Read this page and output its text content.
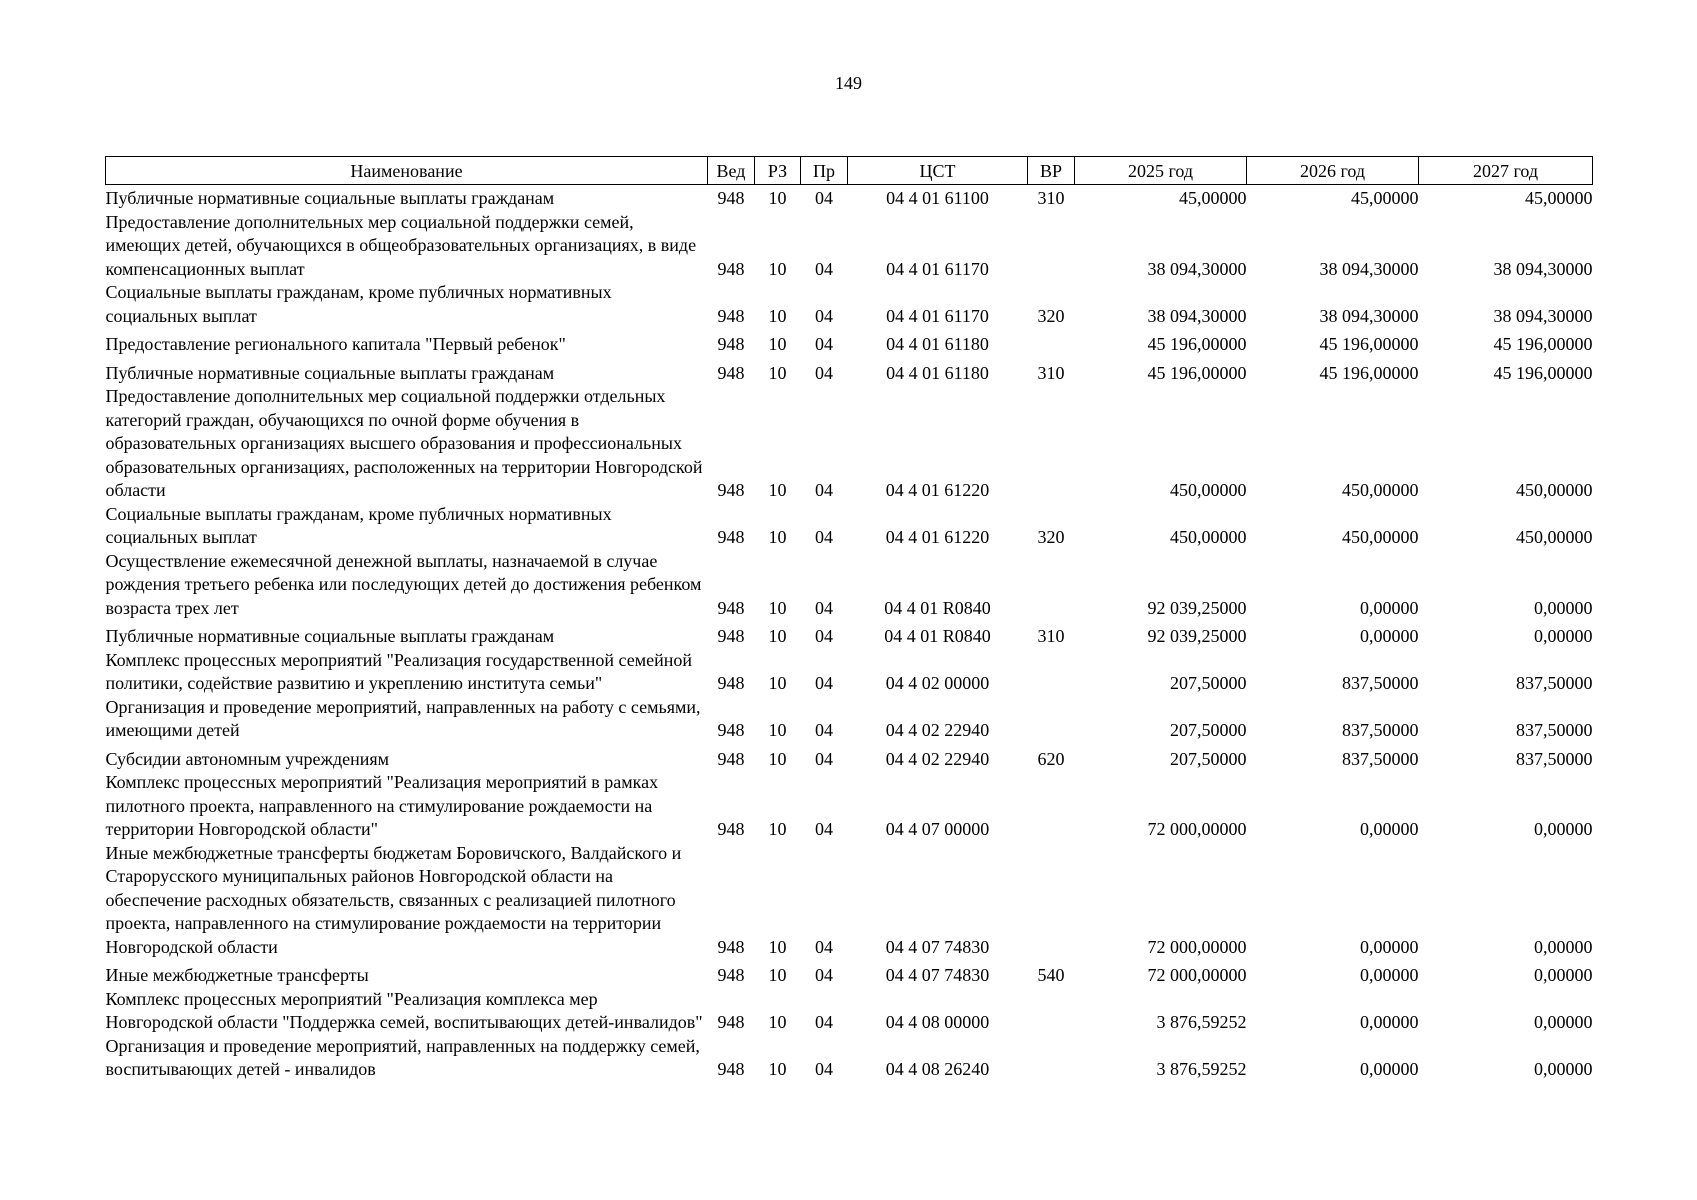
149
Наименование	Вед	РЗ	Пр	ЦСТ	ВР	2025 год	2026 год	2027 год
Публичные нормативные социальные выплаты гражданам	948	10	04	04 4 01 61100	310	45,00000	45,00000	45,00000
Предоставление дополнительных мер социальной поддержки семей, имеющих детей, обучающихся в общеобразовательных организациях, в виде компенсационных выплат	948	10	04	04 4 01 61170		38 094,30000	38 094,30000	38 094,30000
Социальные выплаты гражданам, кроме публичных нормативных социальных выплат	948	10	04	04 4 01 61170	320	38 094,30000	38 094,30000	38 094,30000
Предоставление регионального капитала "Первый ребенок"	948	10	04	04 4 01 61180		45 196,00000	45 196,00000	45 196,00000
Публичные нормативные социальные выплаты гражданам	948	10	04	04 4 01 61180	310	45 196,00000	45 196,00000	45 196,00000
Предоставление дополнительных мер социальной поддержки отдельных категорий граждан, обучающихся по очной форме обучения в образовательных организациях высшего образования и профессиональных образовательных организациях, расположенных на территории Новгородской области	948	10	04	04 4 01 61220		450,00000	450,00000	450,00000
Социальные выплаты гражданам, кроме публичных нормативных социальных выплат	948	10	04	04 4 01 61220	320	450,00000	450,00000	450,00000
Осуществление ежемесячной денежной выплаты, назначаемой в случае рождения третьего ребенка или последующих детей до достижения ребенком возраста трех лет	948	10	04	04 4 01 R0840		92 039,25000	0,00000	0,00000
Публичные нормативные социальные выплаты гражданам	948	10	04	04 4 01 R0840	310	92 039,25000	0,00000	0,00000
Комплекс процессных мероприятий "Реализация государственной семейной политики, содействие развитию и укреплению института семьи"	948	10	04	04 4 02 00000		207,50000	837,50000	837,50000
Организация и проведение мероприятий, направленных на работу с семьями, имеющими детей	948	10	04	04 4 02 22940		207,50000	837,50000	837,50000
Субсидии автономным учреждениям	948	10	04	04 4 02 22940	620	207,50000	837,50000	837,50000
Комплекс процессных мероприятий "Реализация мероприятий в рамках пилотного проекта, направленного на стимулирование рождаемости на территории Новгородской области"	948	10	04	04 4 07 00000		72 000,00000	0,00000	0,00000
Иные межбюджетные трансферты бюджетам Боровичского, Валдайского и Старорусского муниципальных районов Новгородской области на обеспечение расходных обязательств, связанных с реализацией пилотного проекта, направленного на стимулирование рождаемости на территории Новгородской области	948	10	04	04 4 07 74830		72 000,00000	0,00000	0,00000
Иные межбюджетные трансферты	948	10	04	04 4 07 74830	540	72 000,00000	0,00000	0,00000
Комплекс процессных мероприятий "Реализация комплекса мер Новгородской области "Поддержка семей, воспитывающих детей-инвалидов"	948	10	04	04 4 08 00000		3 876,59252	0,00000	0,00000
Организация и проведение мероприятий, направленных на поддержку семей, воспитывающих детей - инвалидов	948	10	04	04 4 08 26240		3 876,59252	0,00000	0,00000
